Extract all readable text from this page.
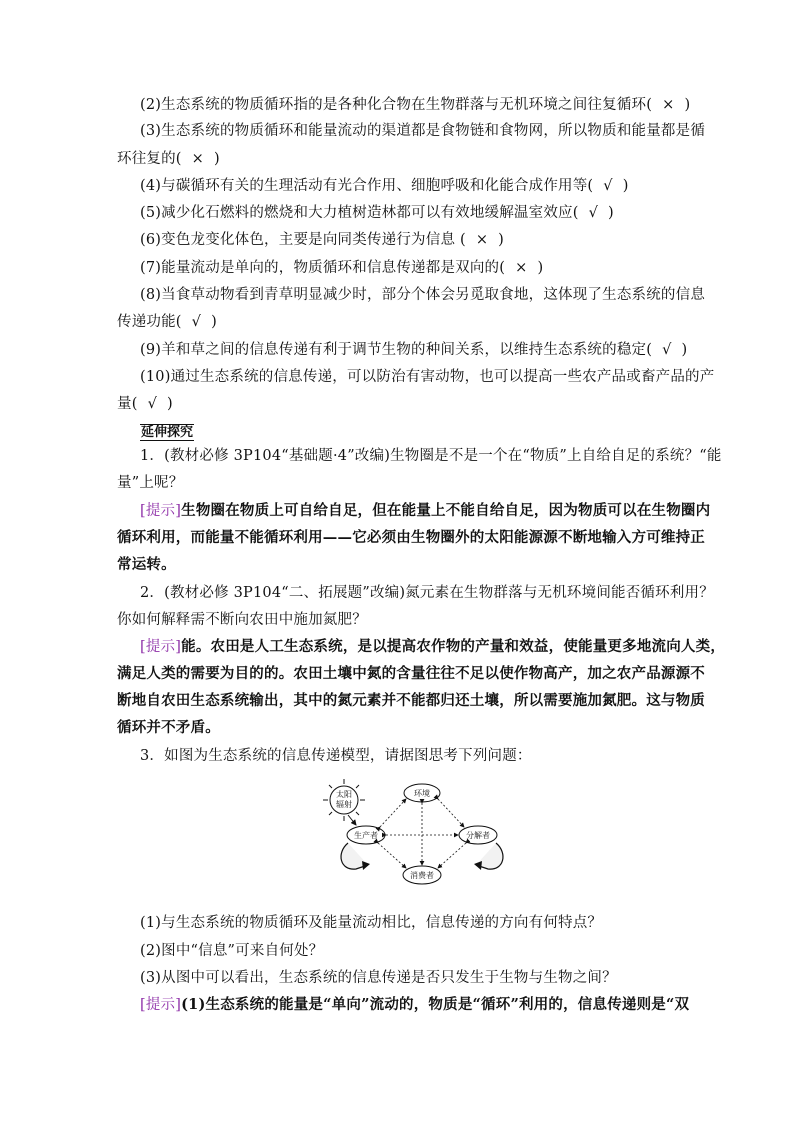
(2)生态系统的物质循环指的是各种化合物在生物群落与无机环境之间往复循环( × )
(3)生态系统的物质循环和能量流动的渠道都是食物链和食物网，所以物质和能量都是循
环往复的( × )
(4)与碳循环有关的生理活动有光合作用、细胞呼吸和化能合成作用等( √ )
(5)减少化石燃料的燃烧和大力植树造林都可以有效地缓解温室效应( √ )
(6)变色龙变化体色，主要是向同类传递行为信息 ( × )
(7)能量流动是单向的，物质循环和信息传递都是双向的( × )
(8)当食草动物看到青草明显减少时，部分个体会另觅取食地，这体现了生态系统的信息
传递功能( √ )
(9)羊和草之间的信息传递有利于调节生物的种间关系，以维持生态系统的稳定( √ )
(10)通过生态系统的信息传递，可以防治有害动物，也可以提高一些农产品或畜产品的产
量( √ )
延伸探究
1．(教材必修 3P104“基础题·4”改编)生物圈是不是一个在“物质”上自给自足的系统？“能
量”上呢？
[提示]生物圈在物质上可自给自足，但在能量上不能自给自足，因为物质可以在生物圈内
循环利用，而能量不能循环利用——它必须由生物圈外的太阳能源源不断地输入方可维持正
常运转。
2．(教材必修 3P104“二、拓展题”改编)氮元素在生物群落与无机环境间能否循环利用？
你如何解释需不断向农田中施加氮肥？
[提示]能。农田是人工生态系统，是以提高农作物的产量和效益，使能量更多地流向人类，
满足人类的需要为目的的。农田土壤中氮的含量往往不足以使作物高产，加之农产品源源不
断地自农田生态系统输出，其中的氮元素并不能都归还土壤，所以需要施加氮肥。这与物质
循环并不矛盾。
3．如图为生态系统的信息传递模型，请据图思考下列问题：
太阳
辐射
环境
生产者	分解者
消费者
(1)与生态系统的物质循环及能量流动相比，信息传递的方向有何特点？
(2)图中“信息”可来自何处？
(3)从图中可以看出，生态系统的信息传递是否只发生于生物与生物之间？
[提示](1)生态系统的能量是“单向”流动的，物质是“循环”利用的，信息传递则是“双
